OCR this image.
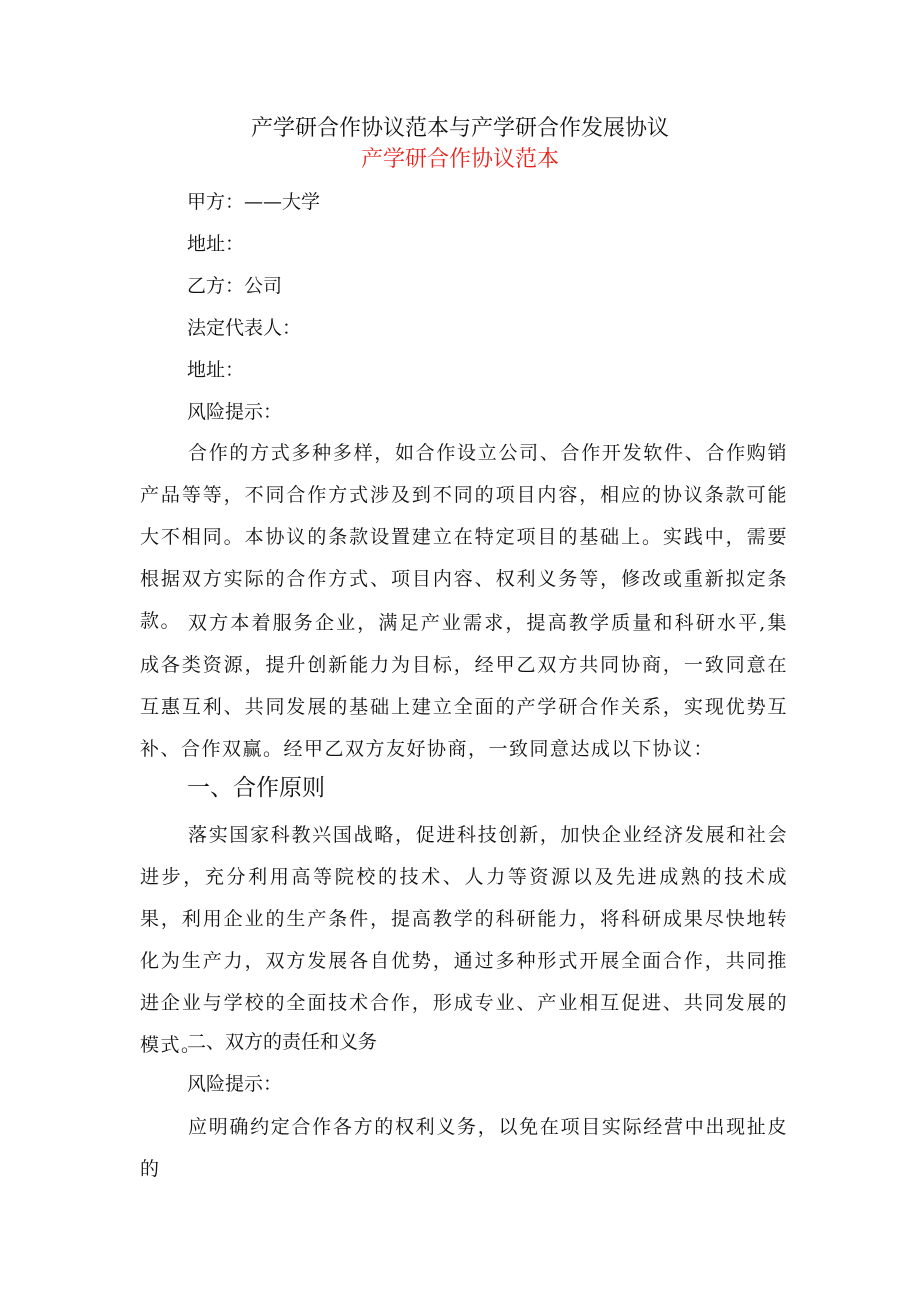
产学研合作协议范本与产学研合作发展协议
产学研合作协议范本
甲方：——大学
地址：
乙方：公司
法定代表人：
地址：
风险提示：
合作的方式多种多样，如合作设立公司、合作开发软件、合作购销产品等等，不同合作方式涉及到不同的项目内容，相应的协议条款可能大不相同。本协议的条款设置建立在特定项目的基础上。实践中，需要根据双方实际的合作方式、项目内容、权利义务等，修改或重新拟定条款。 双方本着服务企业，满足产业需求，提高教学质量和科研水平,集成各类资源，提升创新能力为目标，经甲乙双方共同协商，一致同意在互惠互利、共同发展的基础上建立全面的产学研合作关系，实现优势互补、合作双赢。经甲乙双方友好协商，一致同意达成以下协议：
一、合作原则
落实国家科教兴国战略，促进科技创新，加快企业经济发展和社会进步，充分利用高等院校的技术、人力等资源以及先进成熟的技术成果，利用企业的生产条件，提高教学的科研能力，将科研成果尽快地转化为生产力，双方发展各自优势，通过多种形式开展全面合作，共同推进企业与学校的全面技术合作，形成专业、产业相互促进、共同发展的模式。
二、双方的责任和义务
风险提示：
应明确约定合作各方的权利义务，以免在项目实际经营中出现扯皮的
